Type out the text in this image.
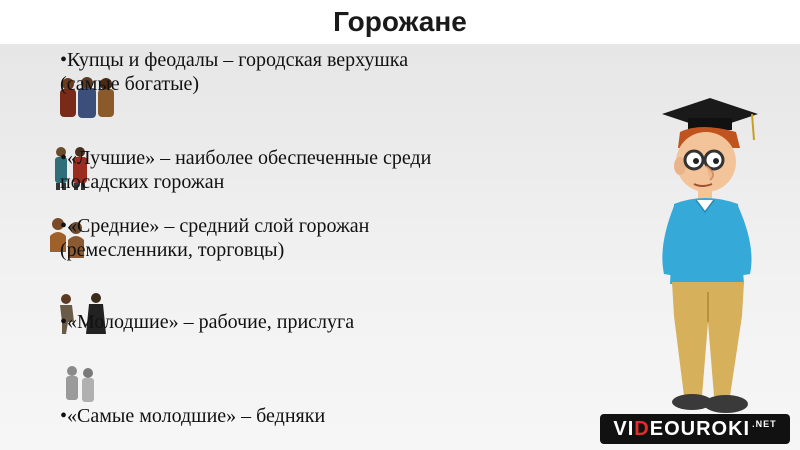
Горожане
•Купцы и феодалы – городская верхушка
(самые богатые)
•«Лучшие» – наиболее обеспеченные среди
посадских горожан
•«Средние» – средний слой горожан
(ремесленники, торговцы)
•«Молодшие» – рабочие, прислуга
•«Самые молодшие» – бедняки
VI D EOUROKI .NET
